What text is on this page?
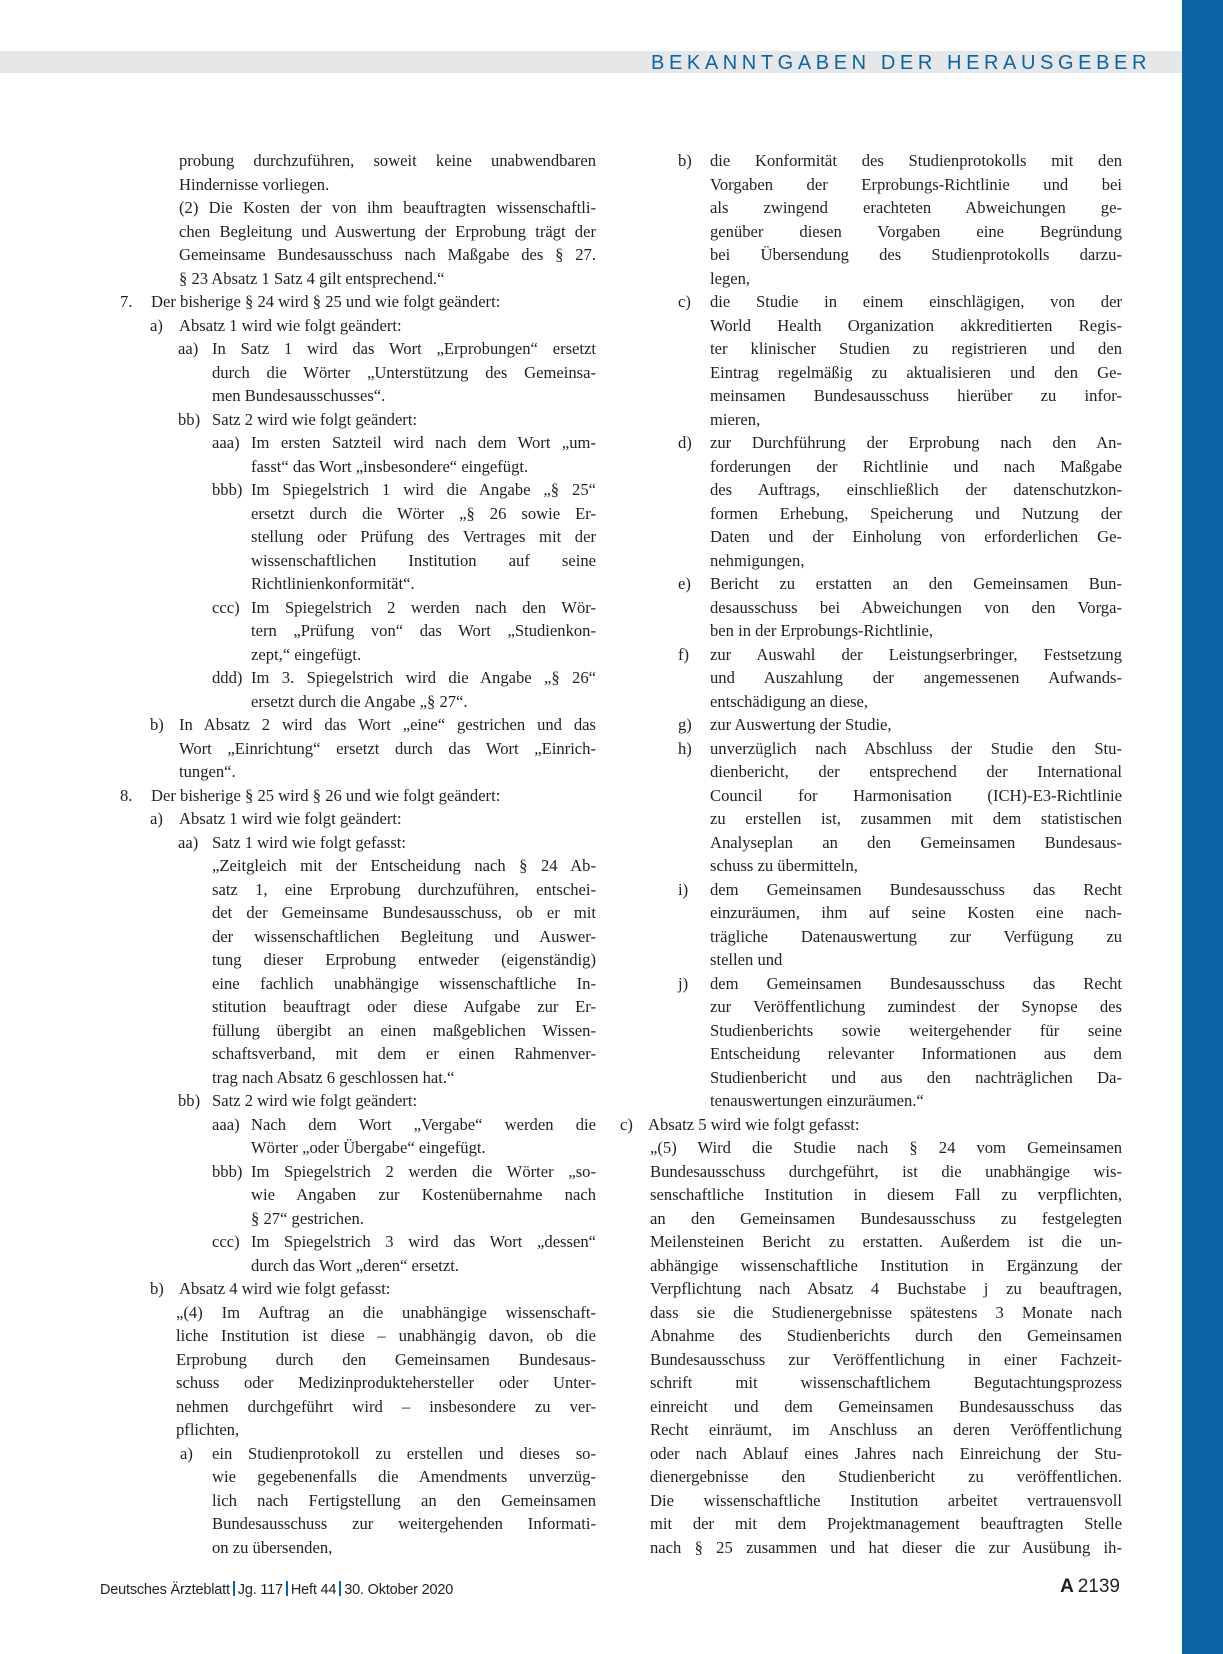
BEKANNTGABEN DER HERAUSGEBER
probung durchzuführen, soweit keine unabwendbaren
Hindernisse vorliegen.
(2) Die Kosten der von ihm beauftragten wissenschaftli-
chen Begleitung und Auswertung der Erprobung trägt der
Gemeinsame Bundesausschuss nach Maßgabe des § 27.
§ 23 Absatz 1 Satz 4 gilt entsprechend.“
7. Der bisherige § 24 wird § 25 und wie folgt geändert:
a) Absatz 1 wird wie folgt geändert:
aa) In Satz 1 wird das Wort „Erprobungen“ ersetzt
durch die Wörter „Unterstützung des Gemeinsa-
men Bundesausschusses“.
bb) Satz 2 wird wie folgt geändert:
aaa) Im ersten Satzteil wird nach dem Wort „um-
fasst“ das Wort „insbesondere“ eingefügt.
bbb) Im Spiegelstrich 1 wird die Angabe „§ 25“
ersetzt durch die Wörter „§ 26 sowie Er-
stellung oder Prüfung des Vertrages mit der
wissenschaftlichen Institution auf seine
Richtlinienkonformität“.
ccc) Im Spiegelstrich 2 werden nach den Wör-
tern „Prüfung von“ das Wort „Studienkon-
zept,“ eingefügt.
ddd) Im 3. Spiegelstrich wird die Angabe „§ 26“
ersetzt durch die Angabe „§ 27“.
b) In Absatz 2 wird das Wort „eine“ gestrichen und das
Wort „Einrichtung“ ersetzt durch das Wort „Einrich-
tungen“.
8. Der bisherige § 25 wird § 26 und wie folgt geändert:
a) Absatz 1 wird wie folgt geändert:
aa) Satz 1 wird wie folgt gefasst:
„Zeitgleich mit der Entscheidung nach § 24 Ab-
satz 1, eine Erprobung durchzuführen, entschei-
det der Gemeinsame Bundesausschuss, ob er mit
der wissenschaftlichen Begleitung und Auswer-
tung dieser Erprobung entweder (eigenständig)
eine fachlich unabhängige wissenschaftliche In-
stitution beauftragt oder diese Aufgabe zur Er-
füllung übergibt an einen maßgeblichen Wissen-
schaftsverband, mit dem er einen Rahmenver-
trag nach Absatz 6 geschlossen hat.“
bb) Satz 2 wird wie folgt geändert:
aaa) Nach dem Wort „Vergabe“ werden die
Wörter „oder Übergabe“ eingefügt.
bbb) Im Spiegelstrich 2 werden die Wörter „so-
wie Angaben zur Kostenübernahme nach
§ 27“ gestrichen.
ccc) Im Spiegelstrich 3 wird das Wort „dessen“
durch das Wort „deren“ ersetzt.
b) Absatz 4 wird wie folgt gefasst:
„(4) Im Auftrag an die unabhängige wissenschaft-
liche Institution ist diese – unabhängig davon, ob die
Erprobung durch den Gemeinsamen Bundesaus-
schuss oder Medizinproduktehersteller oder Unter-
nehmen durchgeführt wird – insbesondere zu ver-
pflichten,
a) ein Studienprotokoll zu erstellen und dieses so-
wie gegebenenfalls die Amendments unverzüg-
lich nach Fertigstellung an den Gemeinsamen
Bundesausschuss zur weitergehenden Informati-
on zu übersenden,
b) die Konformität des Studienprotokolls mit den
Vorgaben der Erprobungs-Richtlinie und bei
als zwingend erachteten Abweichungen ge-
genüber diesen Vorgaben eine Begründung
bei Übersendung des Studienprotokolls darzu-
legen,
c) die Studie in einem einschlägigen, von der
World Health Organization akkreditierten Regis-
ter klinischer Studien zu registrieren und den
Eintrag regelmäßig zu aktualisieren und den Ge-
meinsamen Bundesausschuss hierüber zu infor-
mieren,
d) zur Durchführung der Erprobung nach den An-
forderungen der Richtlinie und nach Maßgabe
des Auftrags, einschließlich der datenschutzkon-
formen Erhebung, Speicherung und Nutzung der
Daten und der Einholung von erforderlichen Ge-
nehmigungen,
e) Bericht zu erstatten an den Gemeinsamen Bun-
desausschuss bei Abweichungen von den Vorga-
ben in der Erprobungs-Richtlinie,
f) zur Auswahl der Leistungserbringer, Festsetzung
und Auszahlung der angemessenen Aufwands-
entschädigung an diese,
g) zur Auswertung der Studie,
h) unverzüglich nach Abschluss der Studie den Stu-
dienbericht, der entsprechend der International
Council for Harmonisation (ICH)-E3-Richtlinie
zu erstellen ist, zusammen mit dem statistischen
Analyseplan an den Gemeinsamen Bundesaus-
schuss zu übermitteln,
i) dem Gemeinsamen Bundesausschuss das Recht
einzuräumen, ihm auf seine Kosten eine nach-
trägliche Datenauswertung zur Verfügung zu
stellen und
j) dem Gemeinsamen Bundesausschuss das Recht
zur Veröffentlichung zumindest der Synopse des
Studienberichts sowie weitergehender für seine
Entscheidung relevanter Informationen aus dem
Studienbericht und aus den nachträglichen Da-
tenauswertungen einzuräumen.“
c) Absatz 5 wird wie folgt gefasst:
„(5) Wird die Studie nach § 24 vom Gemeinsamen
Bundesausschuss durchgeführt, ist die unabhängige wis-
senschaftliche Institution in diesem Fall zu verpflichten,
an den Gemeinsamen Bundesausschuss zu festgelegten
Meilensteinen Bericht zu erstatten. Außerdem ist die un-
abhängige wissenschaftliche Institution in Ergänzung der
Verpflichtung nach Absatz 4 Buchstabe j zu beauftragen,
dass sie die Studienergebnisse spätestens 3 Monate nach
Abnahme des Studienberichts durch den Gemeinsamen
Bundesausschuss zur Veröffentlichung in einer Fachzeit-
schrift mit wissenschaftlichem Begutachtungsprozess
einreicht und dem Gemeinsamen Bundesausschuss das
Recht einräumt, im Anschluss an deren Veröffentlichung
oder nach Ablauf eines Jahres nach Einreichung der Stu-
dienergebnisse den Studienbericht zu veröffentlichen.
Die wissenschaftliche Institution arbeitet vertrauensvoll
mit der mit dem Projektmanagement beauftragten Stelle
nach § 25 zusammen und hat dieser die zur Ausübung ih-
Deutsches Ärzteblatt Jg. 117 Heft 44 30. Oktober 2020	A  2139
